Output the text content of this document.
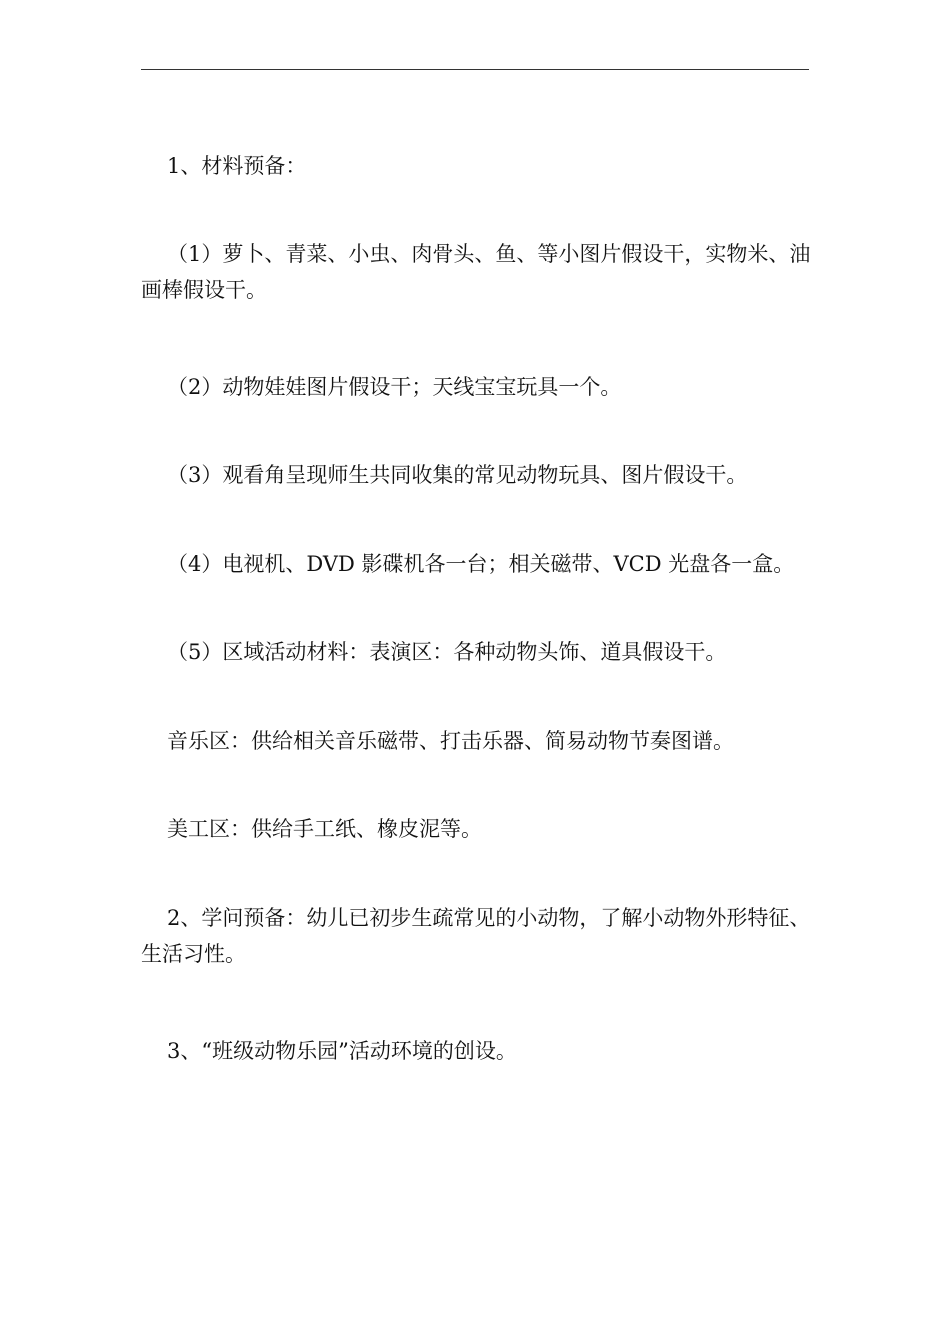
1、材料预备：

（1）萝卜、青菜、小虫、肉骨头、鱼、等小图片假设干，实物米、油画棒假设干。

（2）动物娃娃图片假设干；天线宝宝玩具一个。

（3）观看角呈现师生共同收集的常见动物玩具、图片假设干。

（4）电视机、DVD 影碟机各一台；相关磁带、VCD 光盘各一盒。

（5）区域活动材料：表演区：各种动物头饰、道具假设干。

音乐区：供给相关音乐磁带、打击乐器、简易动物节奏图谱。

美工区：供给手工纸、橡皮泥等。

2、学问预备：幼儿已初步生疏常见的小动物，了解小动物外形特征、生活习性。

3、“班级动物乐园”活动环境的创设。
